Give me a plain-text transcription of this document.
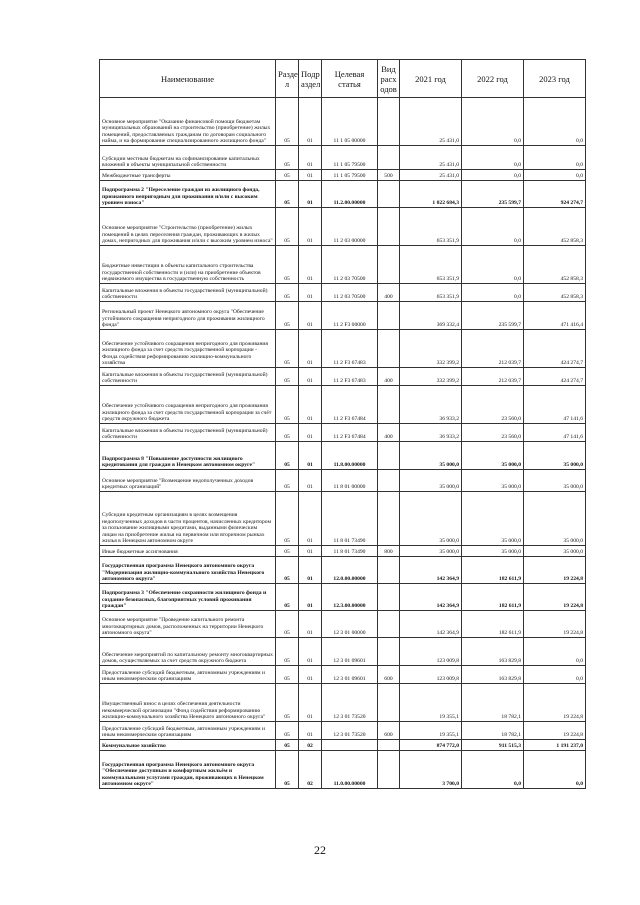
Наименование	Разде л	Подр аздел	Целевая статья	Вид расх одов	2021 год	2022 год	2023 год
Основное мероприятие "Оказание финансовой помощи бюджетам муниципальных образований на строительство (приобретение) жилых помещений, предоставляемых гражданам по договорам социального найма, и на формирование специализированного жилищного фонда"	05	01	11 1 05 00000		25 431,0	0,0	0,0
Субсидии местным бюджетам на софинансирование капитальных вложений в объекты муниципальной собственности	05	01	11 1 05 79500		25 431,0	0,0	0,0
Межбюджетные трансферты	05	01	11 1 05 79500	500	25 431,0	0,0	0,0
Подпрограмма 2 "Переселение граждан из жилищного фонда, признанного непригодным для проживания и/или с высоким уровнем износа"	05	01	11.2.00.00000		1 022 684,3	235 599,7	924 274,7
Основное мероприятие "Строительство (приобретение) жилых помещений в целях переселения граждан, проживающих в жилых домах, непригодных для проживания и/или с высоким уровнем износа"	05	01	11 2 03 00000		653 351,9	0,0	452 858,3
Бюджетные инвестиции в объекты капитального строительства государственной собственности и (или) на приобретение объектов недвижимого имущества в государственную собственность	05	01	11 2 03 70500		653 351,9	0,0	452 858,3
Капитальные вложения в объекты государственной (муниципальной) собственности	05	01	11 2 03 70500	400	653 351,9	0,0	452 858,3
Региональный проект Ненецкого автономного округа "Обеспечение устойчивого сокращения непригодного для проживания жилищного фонда"	05	01	11 2 F3 00000		369 332,4	235 599,7	471 416,4
Обеспечение устойчивого сокращения непригодного для проживания жилищного фонда за счет средств государственной корпорации - Фонда содействия реформированию жилищно-коммунального хозяйства	05	01	11 2 F3 67483		332 399,2	212 039,7	424 274,7
Капитальные вложения в объекты государственной (муниципальной) собственности	05	01	11 2 F3 67483	400	332 399,2	212 039,7	424 274,7
Обеспечение устойчивого сокращения непригодного для проживания жилищного фонда за счет средств государственной корпорации за счёт средств окружного бюджета	05	01	11 2 F3 67484		36 933,2	23 560,0	47 141,6
Капитальные вложения в объекты государственной (муниципальной) собственности	05	01	11 2 F3 67484	400	36 933,2	23 560,0	47 141,6
Подпрограмма 8 "Повышение доступности жилищного кредитования для граждан в Ненецком автономном округе"	05	01	11.8.00.00000		35 000,0	35 000,0	35 000,0
Основное мероприятие "Возмещение недополученных доходов кредитных организаций"	05	01	11 8 01 00000		35 000,0	35 000,0	35 000,0
Субсидии кредитным организациям в целях возмещения недополученных доходов в части процентов, начисленных кредитором за пользование жилищными кредитами, выданными физическим лицам на приобретение жилья на первичном или вторичном рынках жилья в Ненецком автономном округе	05	01	11 8 01 73490		35 000,0	35 000,0	35 000,0
Иные бюджетные ассигнования	05	01	11 8 01 73490	800	35 000,0	35 000,0	35 000,0
Государственная программа Ненецкого автономного округа "Модернизация жилищно-коммунального хозяйства Ненецкого автономного округа"	05	01	12.0.00.00000		142 364,9	182 611,9	19 224,8
Подпрограмма 3 "Обеспечение сохранности жилищного фонда и создание безопасных, благоприятных условий проживания граждан"	05	01	12.3.00.00000		142 364,9	182 611,9	19 224,8
Основное мероприятие "Проведение капитального ремонта многоквартирных домов, расположенных на территории Ненецкого автономного округа"	05	01	12 3 01 00000		142 364,9	182 611,9	19 224,8
Обеспечение мероприятий по капитальному ремонту многоквартирных домов, осуществляемых за счет средств окружного бюджета	05	01	12 3 01 09601		123 009,8	163 829,8	0,0
Предоставление субсидий бюджетным, автономным учреждениям и иным некоммерческим организациям	05	01	12 3 01 09601	600	123 009,8	163 829,8	0,0
Имущественный взнос в целях обеспечения деятельности некоммерческой организации "Фонд содействия реформированию жилищно-коммунального хозяйства Ненецкого автономного округа"	05	01	12 3 01 73520		19 355,1	18 782,1	19 224,8
Предоставление субсидий бюджетным, автономным учреждениям и иным некоммерческим организациям	05	01	12 3 01 73520	600	19 355,1	18 782,1	19 224,8
Коммунальное хозяйство	05	02			874 772,0	911 515,3	1 191 237,0
Государственная программа Ненецкого автономного округа "Обеспечение доступным и комфортным жильём и коммунальными услугами граждан, проживающих в Ненецком автономном округе"	05	02	11.0.00.00000		3 700,0	0,0	0,0
22
